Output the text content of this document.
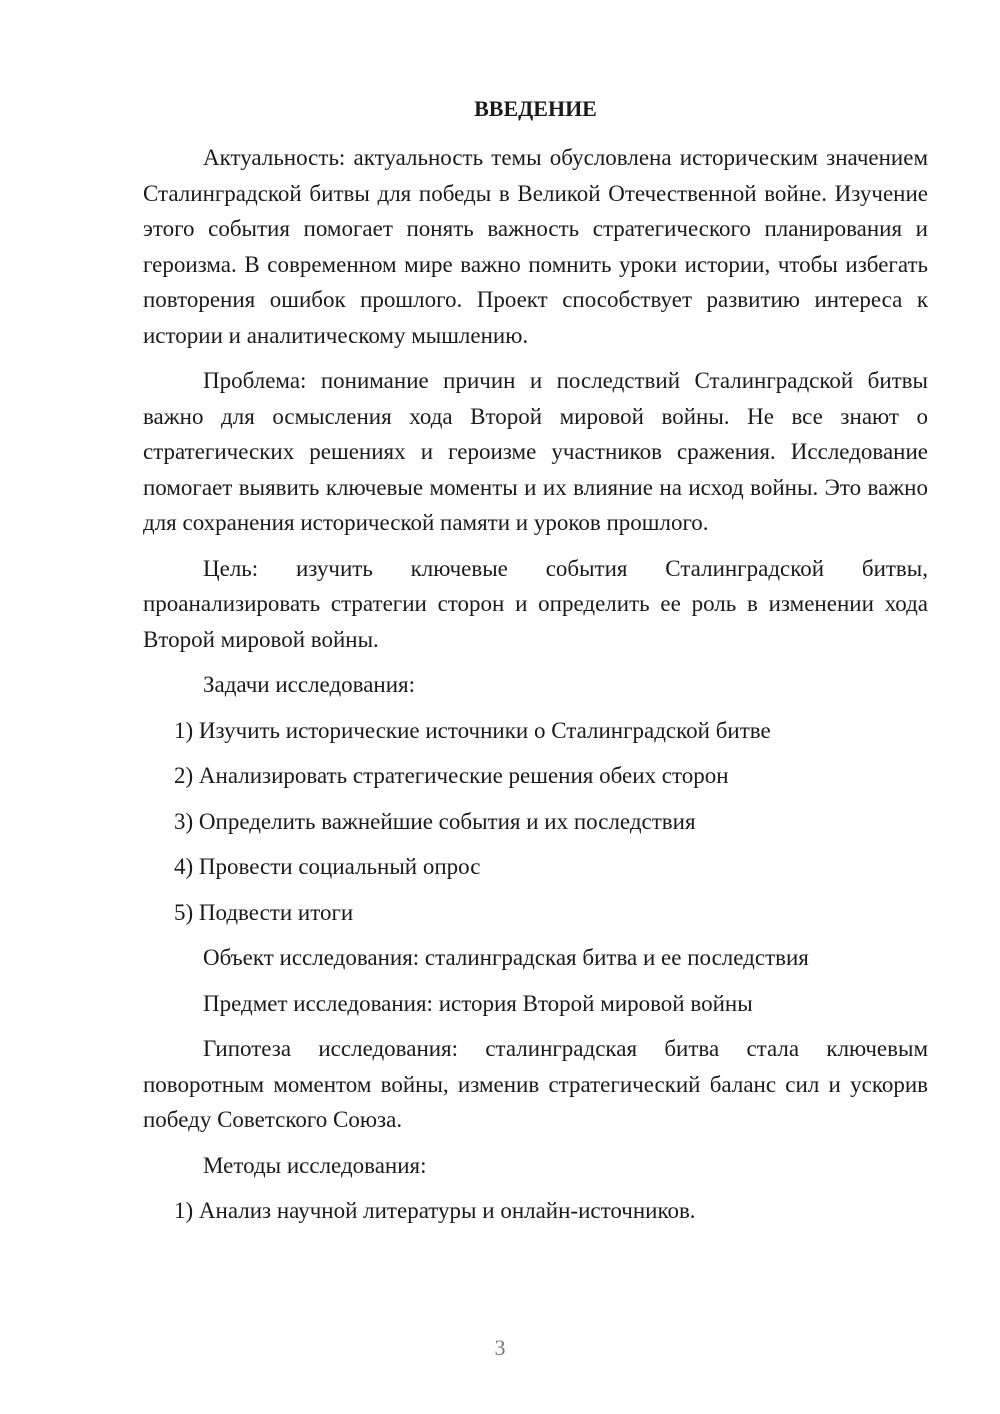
ВВЕДЕНИЕ

Актуальность: актуальность темы обусловлена историческим значением Сталинградской битвы для победы в Великой Отечественной войне. Изучение этого события помогает понять важность стратегического планирования и героизма. В современном мире важно помнить уроки истории, чтобы избегать повторения ошибок прошлого. Проект способствует развитию интереса к истории и аналитическому мышлению.

Проблема: понимание причин и последствий Сталинградской битвы важно для осмысления хода Второй мировой войны. Не все знают о стратегических решениях и героизме участников сражения. Исследование помогает выявить ключевые моменты и их влияние на исход войны. Это важно для сохранения исторической памяти и уроков прошлого.

Цель: изучить ключевые события Сталинградской битвы, проанализировать стратегии сторон и определить ее роль в изменении хода Второй мировой войны.

Задачи исследования:

1) Изучить исторические источники о Сталинградской битве

2) Анализировать стратегические решения обеих сторон

3) Определить важнейшие события и их последствия

4) Провести социальный опрос

5) Подвести итоги

Объект исследования: сталинградская битва и ее последствия

Предмет исследования: история Второй мировой войны

Гипотеза исследования: сталинградская битва стала ключевым поворотным моментом войны, изменив стратегический баланс сил и ускорив победу Советского Союза.

Методы исследования:

1) Анализ научной литературы и онлайн-источников.

3
